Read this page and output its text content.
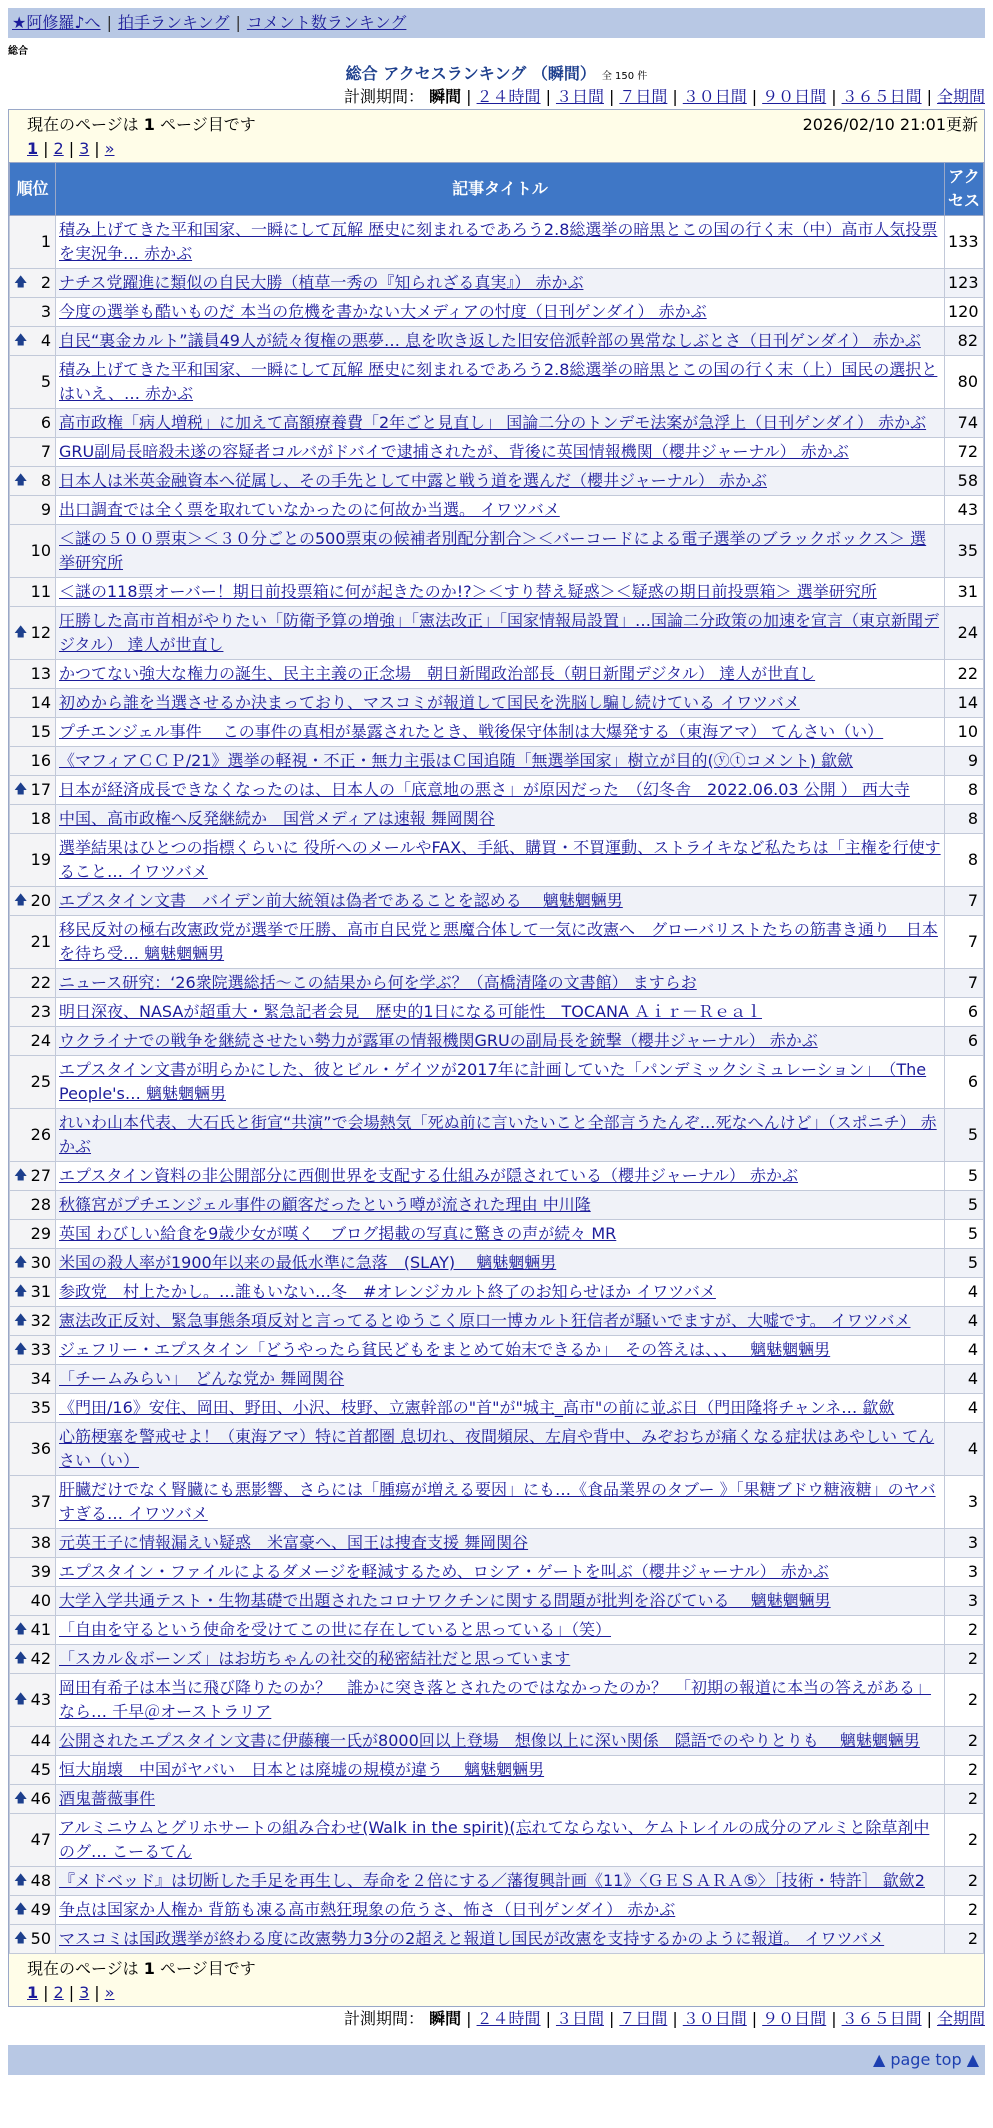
★阿修羅♪へ | 拍手ランキング | コメント数ランキング
総合
総合 アクセスランキング （瞬間） 全 150 件
計測期間： 瞬間 | ２４時間 | ３日間 | ７日間 | ３０日間 | ９０日間 | ３６５日間 | 全期間
現在のページは 1 ページ目です	2026/02/10 21:01更新
1 | 2 | 3 | »
順位	記事タイトル	アクセス

1	積み上げてきた平和国家、一瞬にして瓦解 歴史に刻まれるであろう2.8総選挙の暗黒とこの国の行く末（中）高市人気投票を実況争… 赤かぶ	133

🡅 2	ナチス党躍進に類似の自民大勝（植草一秀の『知られざる真実』） 赤かぶ	123
3	今度の選挙も酷いものだ 本当の危機を書かない大メディアの忖度（日刊ゲンダイ） 赤かぶ	120

🡅 4	自民“裏金カルト”議員49人が続々復権の悪夢… 息を吹き返した旧安倍派幹部の異常なしぶとさ（日刊ゲンダイ） 赤かぶ	82
5	積み上げてきた平和国家、一瞬にして瓦解 歴史に刻まれるであろう2.8総選挙の暗黒とこの国の行く末（上）国民の選択とはいえ、… 赤かぶ	80
6	高市政権「病人増税」に加えて高額療養費「2年ごと見直し」 国論二分のトンデモ法案が急浮上（日刊ゲンダイ） 赤かぶ	74
7	GRU副局長暗殺未遂の容疑者コルバがドバイで逮捕されたが、背後に英国情報機関（櫻井ジャーナル） 赤かぶ	72

🡅 8	日本人は米英金融資本へ従属し、その手先として中露と戦う道を選んだ（櫻井ジャーナル） 赤かぶ	58
9	出口調査では全く票を取れていなかったのに何故か当選。 イワツバメ	43
10	＜謎の５００票束＞＜３０分ごとの500票束の候補者別配分割合＞＜バーコードによる電子選挙のブラックボックス＞ 選挙研究所	35
11	＜謎の118票オーバー！期日前投票箱に何が起きたのか!?＞＜すり替え疑惑＞＜疑惑の期日前投票箱＞ 選挙研究所	31

🡅 12	圧勝した高市首相がやりたい「防衛予算の増強」「憲法改正」「国家情報局設置」…国論二分政策の加速を宣言（東京新聞デジタル） 達人が世直し	24
13	かつてない強大な権力の誕生、民主主義の正念場　朝日新聞政治部長（朝日新聞デジタル） 達人が世直し	22
14	初めから誰を当選させるか決まっており、マスコミが報道して国民を洗脳し騙し続けている イワツバメ	14
15	プチエンジェル事件　 この事件の真相が暴露されたとき、戦後保守体制は大爆発する（東海アマ） てんさい（い）	10
16	《マフィアＣＣＰ/21》選挙の軽視・不正・無力主張はＣ国追随「無選挙国家」樹立が目的(ⓨⓣコメント) 歙歛	9

🡅 17	日本が経済成長できなくなったのは、日本人の「底意地の悪さ」が原因だった　（幻冬舎　2022.06.03 公開 ） 西大寺	8
18	中国、高市政権へ反発継続か　国営メディアは速報 舞岡関谷	8
19	選挙結果はひとつの指標くらいに 役所へのメールやFAX、手紙、購買・不買運動、ストライキなど私たちは「主権を行使すること… イワツバメ	8

🡅 20	エプスタイン文書　バイデン前大統領は偽者であることを認める　 魑魅魍魎男	7
21	移民反対の極右改憲政党が選挙で圧勝、高市自民党と悪魔合体して一気に改憲へ　グローバリストたちの筋書き通り　日本を待ち受… 魑魅魍魎男	7
22	ニュース研究：‘26衆院選総括～この結果から何を学ぶ？（高橋清隆の文書館） ますらお	7
23	明日深夜、NASAが超重大・緊急記者会見　歴史的1日になる可能性　TOCANA Ａｉｒ－Ｒｅａｌ	6
24	ウクライナでの戦争を継続させたい勢力が露軍の情報機関GRUの副局長を銃撃（櫻井ジャーナル） 赤かぶ	6
25	エプスタイン文書が明らかにした、彼とビル・ゲイツが2017年に計画していた「パンデミックシミュレーション」　（The People's… 魑魅魍魎男	6
26	れいわ山本代表、大石氏と街宣“共演”で会場熱気「死ぬ前に言いたいこと全部言うたんぞ…死なへんけど」（スポニチ） 赤かぶ	5

🡅 27	エプスタイン資料の非公開部分に西側世界を支配する仕組みが隠されている（櫻井ジャーナル） 赤かぶ	5
28	秋篠宮がプチエンジェル事件の顧客だったという噂が流された理由 中川隆	5
29	英国 わびしい給食を9歳少女が嘆く　ブログ掲載の写真に驚きの声が続々 MR	5

🡅 30	米国の殺人率が1900年以来の最低水準に急落　(SLAY)　 魑魅魍魎男	5

🡅 31	参政党　村上たかし。…誰もいない…冬　#オレンジカルト終了のお知らせほか イワツバメ	4

🡅 32	憲法改正反対、緊急事態条項反対と言ってるとゆうこく原口一博カルト狂信者が騒いでますが、大嘘です。 イワツバメ	4

🡅 33	ジェフリー・エプスタイン「どうやったら貧民どもをまとめて始末できるか」　その答えは、、、　 魑魅魍魎男	4
34	「チームみらい」　どんな党か 舞岡関谷	4
35	《門田/16》安住、岡田、野田、小沢、枝野、立憲幹部の"首"が"城主_高市"の前に並ぶ日（門田隆将チャンネ… 歙歛	4
36	心筋梗塞を警戒せよ！（東海アマ）特に首都圏 息切れ、夜間頻尿、左肩や背中、みぞおちが痛くなる症状はあやしい てんさい（い）	4
37	肝臓だけでなく腎臓にも悪影響、さらには「腫瘍が増える要因」にも…《食品業界のタブー 》「果糖ブドウ糖液糖」のヤバすぎる… イワツバメ	3
38	元英王子に情報漏えい疑惑　米富豪へ、国王は捜査支援 舞岡関谷	3
39	エプスタイン・ファイルによるダメージを軽減するため、ロシア・ゲートを叫ぶ（櫻井ジャーナル） 赤かぶ	3
40	大学入学共通テスト・生物基礎で出題されたコロナワクチンに関する問題が批判を浴びている　 魑魅魍魎男	3

🡅 41	「自由を守るという使命を受けてこの世に存在していると思っている」（笑）	2

🡅 42	「スカル＆ボーンズ」はお坊ちゃんの社交的秘密結社だと思っています	2

🡅 43	岡田有希子は本当に飛び降りたのか？　誰かに突き落とされたのではなかったのか？　「初期の報道に本当の答えがある」なら… 千早＠オーストラリア	2
44	公開されたエプスタイン文書に伊藤穰一氏が8000回以上登場　想像以上に深い関係　隠語でのやりとりも　 魑魅魍魎男	2
45	恒大崩壊　中国がヤバい　日本とは廃墟の規模が違う　 魑魅魍魎男	2

🡅 46	酒鬼薔薇事件	2
47	アルミニウムとグリホサートの組み合わせ(Walk in the spirit)(忘れてならない、ケムトレイルの成分のアルミと除草剤中のグ… こーるてん	2

🡅 48	『メドベッド』は切断した手足を再生し、寿命を２倍にする／藩復興計画《11》〈ＧＥＳＡＲＡ⑤〉［技術・特許］ 歙歛2	2

🡅 49	争点は国家か人権か 背筋も凍る高市熱狂現象の危うさ、怖さ（日刊ゲンダイ） 赤かぶ	2

🡅 50	マスコミは国政選挙が終わる度に改憲勢力3分の2超えと報道し国民が改憲を支持するかのように報道。 イワツバメ	2
現在のページは 1 ページ目です
1 | 2 | 3 | »
計測期間： 瞬間 | ２４時間 | ３日間 | ７日間 | ３０日間 | ９０日間 | ３６５日間 | 全期間
▲ page top ▲
